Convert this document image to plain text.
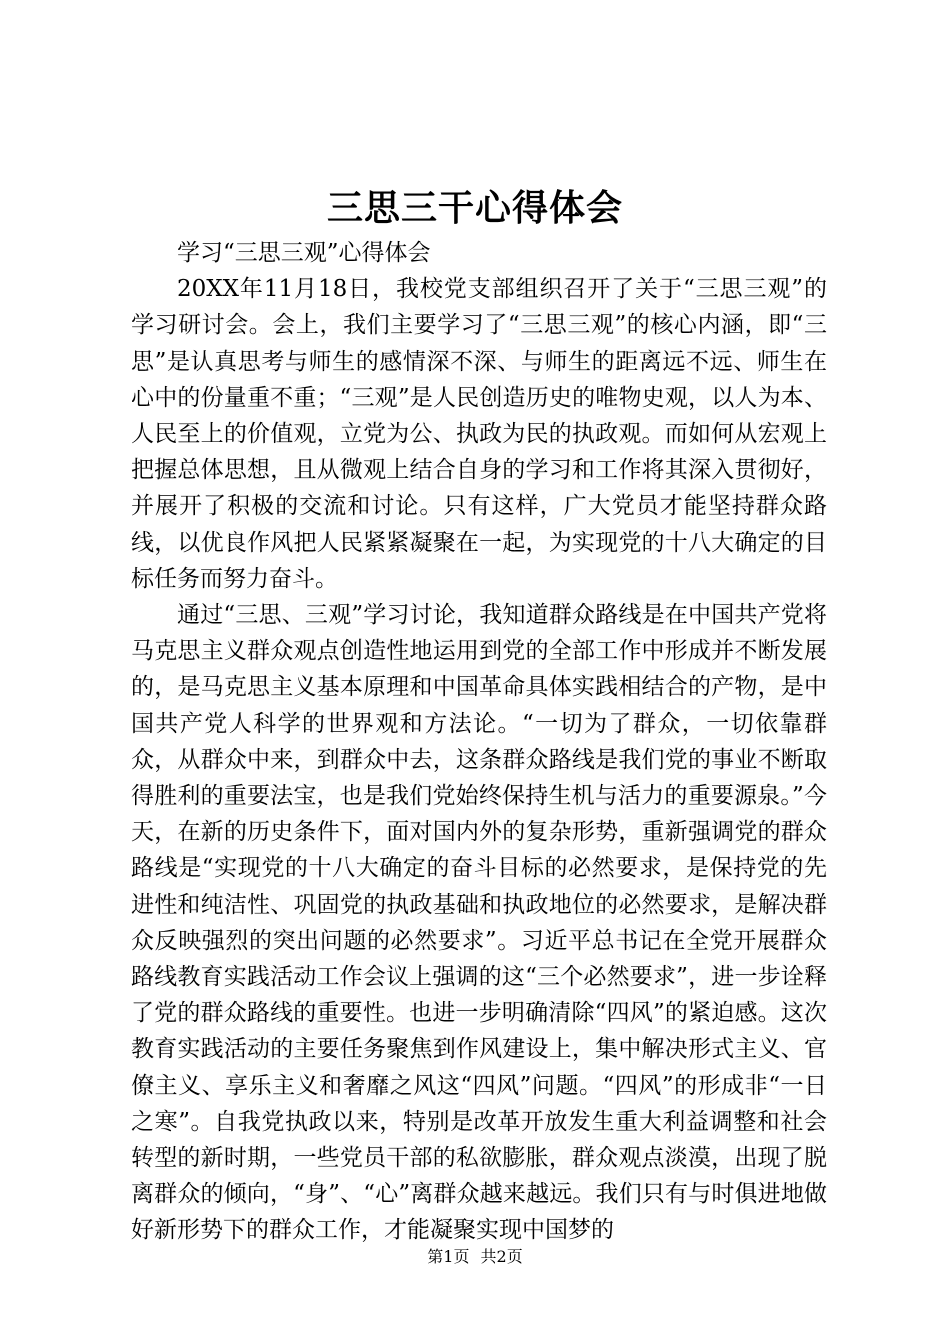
三思三干心得体会

学习“三思三观”心得体会

20XX年11月18日，我校党支部组织召开了关于“三思三观”的学习研讨会。会上，我们主要学习了“三思三观”的核心内涵，即“三思”是认真思考与师生的感情深不深、与师生的距离远不远、师生在心中的份量重不重；“三观”是人民创造历史的唯物史观，以人为本、人民至上的价值观，立党为公、执政为民的执政观。而如何从宏观上把握总体思想，且从微观上结合自身的学习和工作将其深入贯彻好，并展开了积极的交流和讨论。只有这样，广大党员才能坚持群众路线，以优良作风把人民紧紧凝聚在一起，为实现党的十八大确定的目标任务而努力奋斗。

通过“三思、三观”学习讨论，我知道群众路线是在中国共产党将马克思主义群众观点创造性地运用到党的全部工作中形成并不断发展的，是马克思主义基本原理和中国革命具体实践相结合的产物，是中国共产党人科学的世界观和方法论。“一切为了群众，一切依靠群众，从群众中来，到群众中去，这条群众路线是我们党的事业不断取得胜利的重要法宝，也是我们党始终保持生机与活力的重要源泉。”今天，在新的历史条件下，面对国内外的复杂形势，重新强调党的群众路线是“实现党的十八大确定的奋斗目标的必然要求，是保持党的先进性和纯洁性、巩固党的执政基础和执政地位的必然要求，是解决群众反映强烈的突出问题的必然要求”。习近平总书记在全党开展群众路线教育实践活动工作会议上强调的这“三个必然要求”，进一步诠释了党的群众路线的重要性。也进一步明确清除“四风”的紧迫感。这次教育实践活动的主要任务聚焦到作风建设上，集中解决形式主义、官僚主义、享乐主义和奢靡之风这“四风”问题。“四风”的形成非“一日之寒”。自我党执政以来，特别是改革开放发生重大利益调整和社会转型的新时期，一些党员干部的私欲膨胀，群众观点淡漠，出现了脱离群众的倾向，“身”、“心”离群众越来越远。我们只有与时俱进地做好新形势下的群众工作，才能凝聚实现中国梦的

第1页 共2页
